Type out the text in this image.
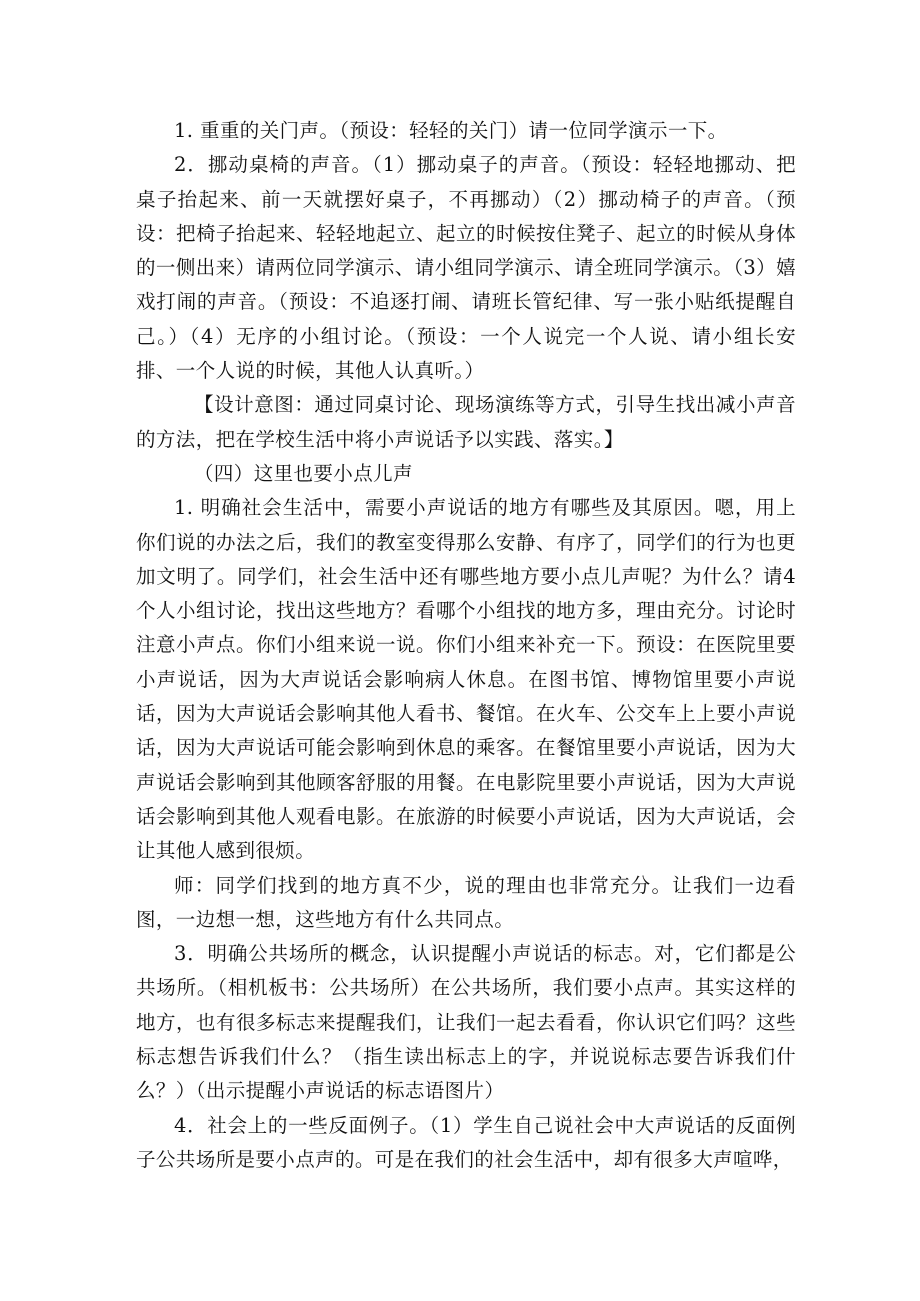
1. 重重的关门声。（预设：轻轻的关门）请一位同学演示一下。

2．挪动桌椅的声音。（1）挪动桌子的声音。（预设：轻轻地挪动、把桌子抬起来、前一天就摆好桌子，不再挪动）（2）挪动椅子的声音。（预设：把椅子抬起来、轻轻地起立、起立的时候按住凳子、起立的时候从身体的一侧出来）请两位同学演示、请小组同学演示、请全班同学演示。（3）嬉戏打闹的声音。（预设：不追逐打闹、请班长管纪律、写一张小贴纸提醒自己。）（4）无序的小组讨论。（预设：一个人说完一个人说、请小组长安排、一个人说的时候，其他人认真听。）

【设计意图：通过同桌讨论、现场演练等方式，引导生找出减小声音的方法，把在学校生活中将小声说话予以实践、落实。】

（四）这里也要小点儿声

1. 明确社会生活中，需要小声说话的地方有哪些及其原因。嗯，用上你们说的办法之后，我们的教室变得那么安静、有序了，同学们的行为也更加文明了。同学们，社会生活中还有哪些地方要小点儿声呢？为什么？请4个人小组讨论，找出这些地方？看哪个小组找的地方多，理由充分。讨论时注意小声点。你们小组来说一说。你们小组来补充一下。预设：在医院里要小声说话，因为大声说话会影响病人休息。在图书馆、博物馆里要小声说话，因为大声说话会影响其他人看书、餐馆。在火车、公交车上上要小声说话，因为大声说话可能会影响到休息的乘客。在餐馆里要小声说话，因为大声说话会影响到其他顾客舒服的用餐。在电影院里要小声说话，因为大声说话会影响到其他人观看电影。在旅游的时候要小声说话，因为大声说话，会让其他人感到很烦。

师：同学们找到的地方真不少，说的理由也非常充分。让我们一边看图，一边想一想，这些地方有什么共同点。

3．明确公共场所的概念，认识提醒小声说话的标志。对，它们都是公共场所。（相机板书：公共场所）在公共场所，我们要小点声。其实这样的地方，也有很多标志来提醒我们，让我们一起去看看，你认识它们吗？这些标志想告诉我们什么？（指生读出标志上的字，并说说标志要告诉我们什么？）（出示提醒小声说话的标志语图片）

4．社会上的一些反面例子。（1）学生自己说社会中大声说话的反面例子公共场所是要小点声的。可是在我们的社会生活中，却有很多大声喧哗，
